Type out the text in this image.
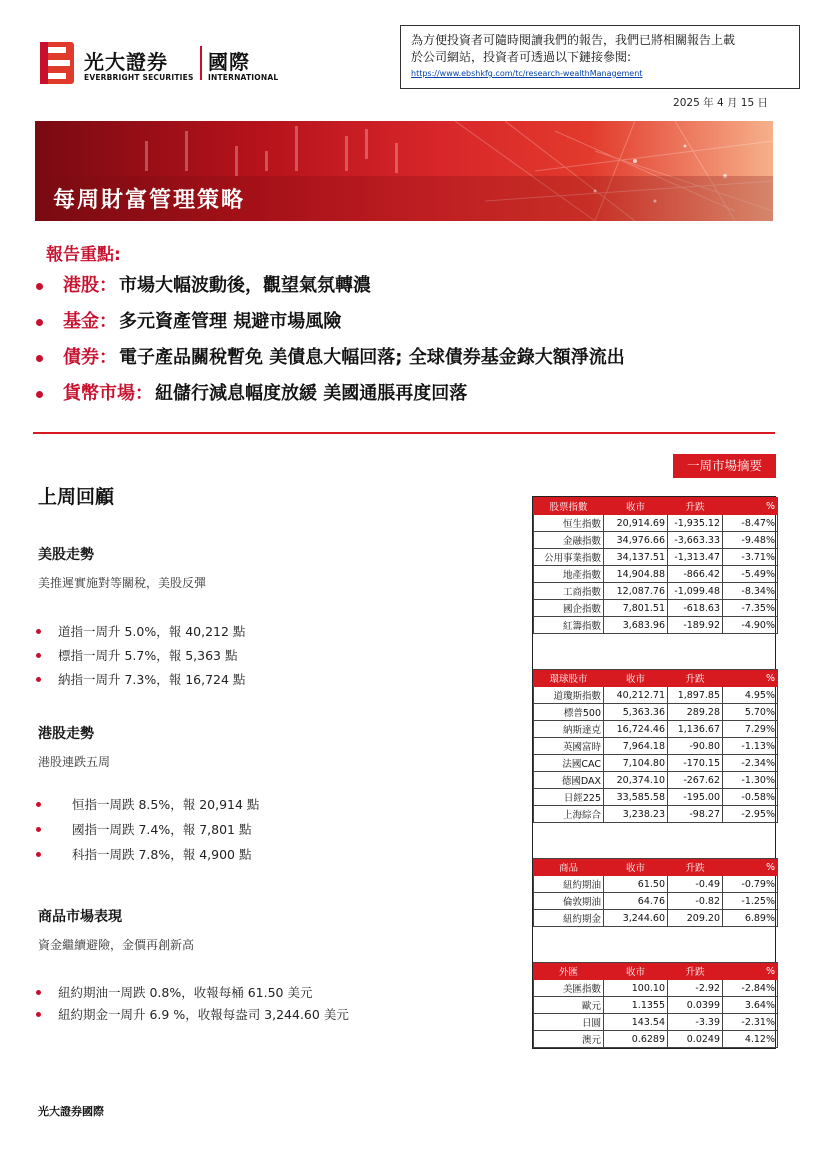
光大證券
EVERBRIGHT SECURITIES
國際
INTERNATIONAL
為方便投資者可隨時閱讀我們的報告，我們已將相關報告上載
於公司網站，投資者可透過以下鏈接參閱:
https://www.ebshkfg.com/tc/research-wealthManagement
2025 年 4 月 15 日
每周財富管理策略
報告重點:
港股： 市場大幅波動後，觀望氣氛轉濃
基金： 多元資產管理 規避市場風險
債券： 電子產品關稅暫免 美債息大幅回落; 全球債券基金錄大額淨流出
貨幣市場： 紐儲行減息幅度放緩 美國通脹再度回落
上周回顧
美股走勢
美推遲實施對等關稅，美股反彈
道指一周升 5.0%，報 40,212 點
標指一周升 5.7%，報 5,363 點
納指一周升 7.3%，報 16,724 點
港股走勢
港股連跌五周
恒指一周跌 8.5%，報 20,914 點
國指一周跌 7.4%，報 7,801 點
科指一周跌 7.8%，報 4,900 點
商品市場表現
資金繼續避險，金價再創新高
紐約期油一周跌 0.8%，收報每桶 61.50 美元
紐約期金一周升 6.9 %，收報每盎司 3,244.60 美元
一周市場摘要
股票指數	收市	升跌	%
恒生指數	20,914.69	-1,935.12	-8.47%
金融指數	34,976.66	-3,663.33	-9.48%
公用事業指數	34,137.51	-1,313.47	-3.71%
地產指數	14,904.88	-866.42	-5.49%
工商指數	12,087.76	-1,099.48	-8.34%
國企指數	7,801.51	-618.63	-7.35%
紅籌指數	3,683.96	-189.92	-4.90%

環球股市	收市	升跌	%
道瓊斯指數	40,212.71	1,897.85	4.95%
標普500	5,363.36	289.28	5.70%
納斯達克	16,724.46	1,136.67	7.29%
英國富時	7,964.18	-90.80	-1.13%
法國CAC	7,104.80	-170.15	-2.34%
德國DAX	20,374.10	-267.62	-1.30%
日經225	33,585.58	-195.00	-0.58%
上海綜合	3,238.23	-98.27	-2.95%

商品	收市	升跌	%
紐約期油	61.50	-0.49	-0.79%
倫敦期油	64.76	-0.82	-1.25%
紐約期金	3,244.60	209.20	6.89%

外匯	收市	升跌	%
美匯指數	100.10	-2.92	-2.84%
歐元	1.1355	0.0399	3.64%
日圓	143.54	-3.39	-2.31%
澳元	0.6289	0.0249	4.12%
光大證券國際
